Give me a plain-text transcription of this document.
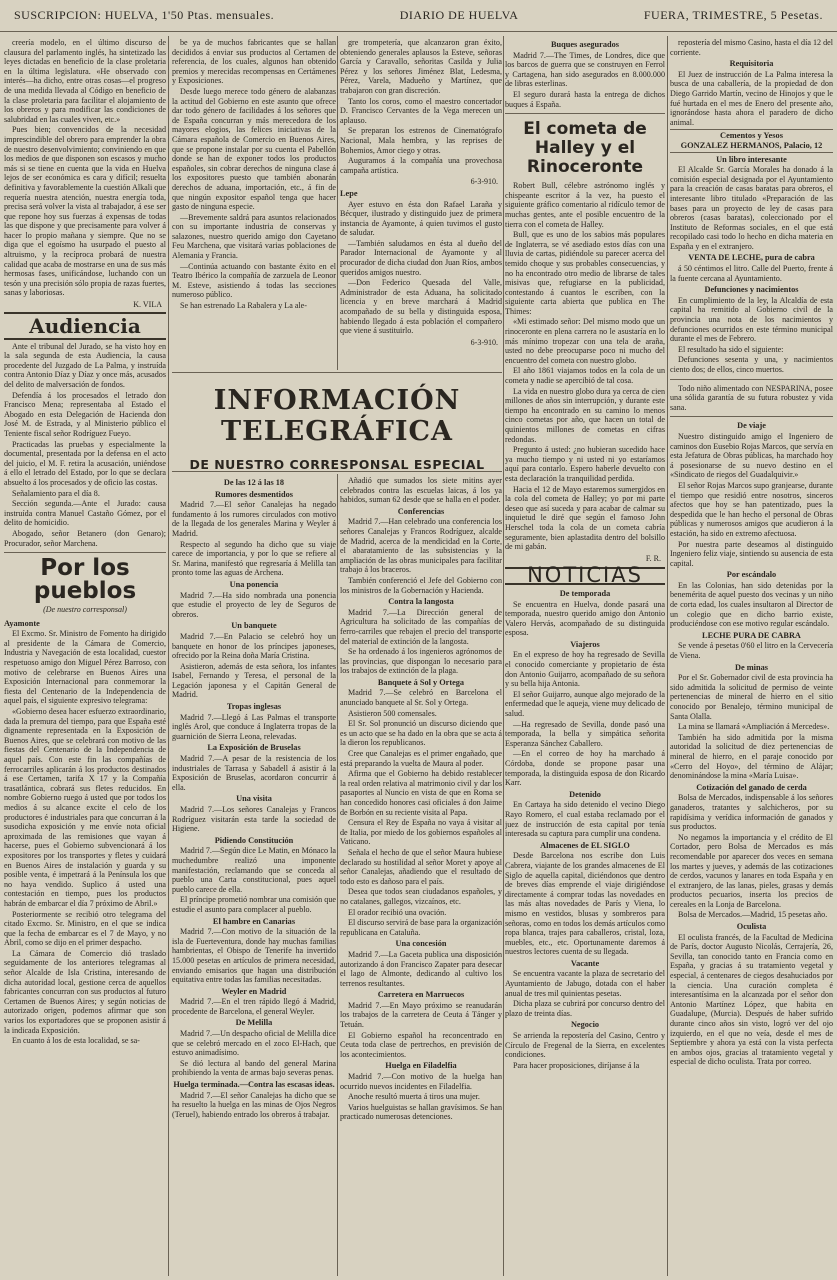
SUSCRIPCION: HUELVA, 1'50 Ptas. mensuales.	DIARIO DE HUELVA	FUERA, TRIMESTRE, 5 Pesetas.

creería modelo, en el último discurso de clausura del parlamento inglés, ha sintetizado las leyes dictadas en beneficio de la clase proletaria en la última legislatura. «He observado con interés—ha dicho, entre otras cosas—el progreso de una medida llevada al Código en beneficio de la clase proletaria para facilitar el alojamiento de los obreros y para modificar las condiciones de salubridad en las cuales viven, etc.»

Pues bien; convencidos de la necesidad imprescindible del obrero para emprender la obra de nuestro desenvolvimiento; conviniendo en que los medios de que disponen son escasos y mucho más si se tiene en cuenta que la vida en Huelva lejos de ser económica es cara y difícil; resuelta definitiva y favorablemente la cuestión Alkali que requería nuestra atención, nuestra energía toda, precisa será volver la vista al trabajador, á ese ser que repone hoy sus fuerzas á expensas de todas las que dispone y que precisamente para volver á hacer lo propio mañana y siempre. Que no se diga que el egoísmo ha usurpado el puesto al altruismo, y la recíproca probará de nuestra calidad que acaba de mostrarse en una de sus más hermosas fases, unificándose, luchando con un tesón y una precisión sólo propia de razas fuertes, sanas y laboriosas.

K. VILA
Audiencia

Ante el tribunal del Jurado, se ha visto hoy en la sala segunda de esta Audiencia, la causa procedente del Juzgado de La Palma, y instruída contra Antonio Díaz y Díaz y once más, acusados del delito de malversación de fondos.

Defendía á los procesados el letrado don Francisco Mena; representaba al Estado el Abogado en esta Delegación de Hacienda don José M. de Estrada, y al Ministerio público el Teniente fiscal señor Rodríguez Fueyo.

Practicadas las pruebas y especialmente la documental, presentada por la defensa en el acto del juicio, el M. F. retira la acusación, uniéndose á ello el letrado del Estado, por lo que se declara absuelto á los procesados y de oficio las costas.

Señalamiento para el día 8.

Sección segunda.—Ante el Jurado: causa instruída contra Manuel Castaño Gómez, por el delito de homicidio.

Abogado, señor Betanero (don Genaro); Procurador, señor Marchena.

Por los pueblos
(De nuestro corresponsal)
Ayamonte

El Excmo. Sr. Ministro de Fomento ha dirigido al presidente de la Cámara de Comercio, Industria y Navegación de esta localidad, cuestor respetuoso amigo don Miguel Pérez Barroso, con motivo de celebrarse en Buenos Aires una Exposición Internacional para conmemorar la fiesta del Centenario de la Independencia de aquel país, el siguiente expresivo telegrama:

«Gobierno desea hacer esfuerzo extraordinario, dada la premura del tiempo, para que España esté dignamente representada en la Exposición de Buenos Aires, que se celebrará con motivo de las fiestas del Centenario de la Independencia de aquel país. Con este fin las compañías de ferrocarriles aplicarán á los productos destinados á ese Certamen, tarifa X 17 y la Compañía trasatlántica, cobrará sus fletes reducidos. En nombre Gobierno ruego á usted que por todos los medios á su alcance excite el celo de los productores é industriales para que concurran á la susodicha exposición y me envíe nota oficial aproximada de las remisiones que vayan á hacerse, pues el Gobierno subvencionará á los expositores por los transportes y fletes y cuidará en Buenos Aires de instalación y guarda y su posible venta, é impetrará á la Península los que no haya vendido. Suplico á usted una contestación en tiempo, pues los productos habrán de embarcar el día 7 próximo de Abril.»

Posteriormente se recibió otro telegrama del citado Excmo. Sr. Ministro, en el que se indica que la fecha de embarcar es el 7 de Mayo, y no Abril, como se dijo en el primer despacho.

La Cámara de Comercio dió traslado seguidamente de los anteriores telegramas al señor Alcalde de Isla Cristina, interesando de dicha autoridad local, gestione cerca de aquellos fabricantes concurran con sus productos al futuro Certamen de Buenos Aires; y según noticias de autorizado origen, podemos afirmar que son varios los exportadores que se proponen asistir á la indicada Exposición.

En cuanto á los de esta localidad, se sa-

be ya de muchos fabricantes que se hallan decididos á enviar sus productos al Certamen de referencia, de los cuales, algunos han obtenido premios y merecidas recompensas en Certámenes y Exposiciones.

Desde luego merece todo género de alabanzas la actitud del Gobierno en este asunto que ofrece dar todo género de facilidades á los señores que de España concurran y más merecedora de los mayores elogios, las felices iniciativas de la Cámara española de Comercio en Buenos Aires, que se propone instalar por su cuenta el Pabellón donde se han de exponer todos los productos españoles, sin cobrar derechos de ninguna clase á los expositores puesto que también abonarán derechos de aduana, importación, etc., á fin de que ningún expositor español tenga que hacer gasto de ninguna especie.

—Brevemente saldrá para asuntos relacionados con su importante industria de conservas y salazones, nuestro querido amigo don Cayetano Feu Marchena, que visitará varias poblaciones de Alemania y Francia.

—Continúa actuando con bastante éxito en el Teatro Ibérico la compañía de zarzuela de Leonor M. Esteve, asistiendo á todas las secciones numeroso público.

Se han estrenado La Rabalera y La ale-

gre trompetería, que alcanzaron gran éxito, obteniendo generales aplausos la Esteve, señoras García y Caravallo, señoritas Casilda y Julia Pérez y los señores Jiménez Blat, Ledesma, Pérez, Varela, Madueño y Martínez, que trabajaron con gran discreción.

Tanto los coros, como el maestro concertador D. Francisco Cervantes de la Vega merecen un aplauso.

Se preparan los estrenos de Cinematógrafo Nacional, Mala hembra, y las reprises de Bohemios, Amor ciego y otras.

Auguramos á la compañía una provechosa campaña artística.

6-3-910.
Lepe

Ayer estuvo en ésta don Rafael Laraña y Bécquer, ilustrado y distinguido juez de primera instancia de Ayamonte, á quien tuvimos el gusto de saludar.

—También saludamos en ésta al dueño del Parador Internacional de Ayamonte y al procurador de dicha ciudad don Juan Ríos, ambos queridos amigos nuestro.

—Don Federico Quesada del Valle, Administrador de esta Aduana, ha solicitado licencia y en breve marchará á Madrid acompañado de su bella y distinguida esposa, habiendo llegado á esta población el compañero que viene á sustituirlo.

6-3-910.
INFORMACIÓN TELEGRÁFICA
DE NUESTRO CORRESPONSAL ESPECIAL
De las 12 á las 18
Rumores desmentidos

Madrid 7.—El señor Canalejas ha negado fundamento á los rumores circulados con motivo de la llegada de los generales Marina y Weyler á Madrid.

Respecto al segundo ha dicho que su viaje carece de importancia, y por lo que se refiere al Sr. Marina, manifestó que regresaría á Melilla tan pronto tome las aguas de Archena.

Una ponencia

Madrid 7.—Ha sido nombrada una ponencia que estudie el proyecto de ley de Seguros de obreros.

Un banquete

Madrid 7.—En Palacio se celebró hoy un banquete en honor de los príncipes japoneses, ofrecido por la Reina doña María Cristina.

Asistieron, además de esta señora, los infantes Isabel, Fernando y Teresa, el personal de la Legación japonesa y el Capitán General de Madrid.

Tropas inglesas

Madrid 7.—Llegó á Las Palmas el transporte inglés Arol, que conduce á Inglaterra tropas de la guarnición de Sierra Leona, relevadas.

La Exposición de Bruselas

Madrid 7.—A pesar de la resistencia de los industriales de Tarrasa y Sabadell á asistir á la Exposición de Bruselas, acordaron concurrir á ella.

Una visita

Madrid 7.—Los señores Canalejas y Francos Rodríguez visitarán esta tarde la sociedad de Higiene.

Pidiendo Constitución

Madrid 7.—Según dice Le Matin, en Mónaco la muchedumbre realizó una imponente manifestación, reclamando que se conceda al pueblo una Carta constitucional, pues aquel pueblo carece de ella.

El príncipe prometió nombrar una comisión que estudie el asunto para complacer al pueblo.

El hambre en Canarias

Madrid 7.—Con motivo de la situación de la isla de Fuerteventura, donde hay muchas familias hambrientas, el Obispo de Tenerife ha invertido 15.000 pesetas en artículos de primera necesidad, enviando emisarios que hagan una distribución equitativa entre todas las familias necesitadas.

Weyler en Madrid

Madrid 7.—En el tren rápido llegó á Madrid, procedente de Barcelona, el general Weyler.

De Melilla

Madrid 7.—Un despacho oficial de Melilla dice que se celebró mercado en el zoco El-Hach, que estuvo animadísimo.

Se dió lectura al bando del general Marina prohibiendo la venta de armas bajo severas penas.

Huelga terminada.—Contra las escasas ideas.

Madrid 7.—El señor Canalejas ha dicho que se ha resuelto la huelga en las minas de Ojos Negros (Teruel), habiendo entrado los obreros á trabajar.

Añadió que sumados los siete mitins ayer celebrados contra las escuelas laicas, á los ya habidos, suman 62 desde que se halla en el poder.

Conferencias

Madrid 7.—Han celebrado una conferencia los señores Canalejas y Francos Rodríguez, alcalde de Madrid, acerca de la mendicidad en la Corte, el abaratamiento de las subsistencias y la ampliación de las obras municipales para facilitar trabajo á los braceros.

También conferenció el Jefe del Gobierno con los ministros de la Gobernación y Hacienda.

Contra la langosta

Madrid 7.—La Dirección general de Agricultura ha solicitado de las compañías de ferro-carriles que rebajen el precio del transporte del material de extinción de la langosta.

Se ha ordenado á los ingenieros agrónomos de las provincias, que dispongan lo necesario para los trabajos de extinción de la plaga.

Banquete á Sol y Ortega

Madrid 7.—Se celebró en Barcelona el anunciado banquete al Sr. Sol y Ortega.

Asistieron 500 comensales.

El Sr. Sol pronunció un discurso diciendo que es un acto que se ha dado en la obra que se acta á la dieron los republicanos.

Cree que Canalejas es el primer engañado, que está preparando la vuelta de Maura al poder.

Afirma que el Gobierno ha debido restablecer la real orden relativa al matrimonio civil y dar los pasaportes al Nuncio en vista de que en Roma se han concedido honores casi oficiales á don Jaime de Borbón en su reciente visita al Papa.

Censura el Rey de España no vaya á visitar al de Italia, por miedo de los gobiernos españoles al Vaticano.

Señala el hecho de que el señor Maura hubiese declarado su hostilidad al señor Moret y apoye al señor Canalejas, añadiendo que el resultado de todo esto es dañoso para el país.

Desea que todos sean ciudadanos españoles, y no catalanes, gallegos, vizcaínos, etc.

El orador recibió una ovación.

El discurso servirá de base para la organización republicana en Cataluña.

Una concesión

Madrid 7.—La Gaceta publica una disposición autorizando á don Francisco Zapater para desecar el lago de Almonte, dedicando al cultivo los terrenos resultantes.

Carretera en Marruecos

Madrid 7.—En Mayo próximo se reanudarán los trabajos de la carretera de Ceuta á Tánger y Tetuán.

El Gobierno español ha reconcentrado en Ceuta toda clase de pertrechos, en previsión de los acontecimientos.

Huelga en Filadelfia

Madrid 7.—Con motivo de la huelga han ocurrido nuevos incidentes en Filadelfia.

Anoche resultó muerta á tiros una mujer.

Varios huelguistas se hallan gravísimos. Se han practicado numerosas detenciones.

Buques asegurados

Madrid 7.—The Times, de Londres, dice que los barcos de guerra que se construyen en Ferrol y Cartagena, han sido asegurados en 8.000.000 de libras esterlinas.

El seguro durará hasta la entrega de dichos buques á España.

El cometa de Halley y el Rinoceronte

Robert Bull, célebre astrónomo inglés y chispeante escritor á la vez, ha puesto el siguiente gráfico comentario al ridículo temor de muchas gentes, ante el posible encuentro de la tierra con el cometa de Halley.

Bull, que es uno de los sabios más populares de Inglaterra, se vé asediado estos días con una lluvia de cartas, pidiéndole su parecer acerca del temido choque y sus probables consecuencias, y no ha encontrado otro medio de librarse de tales misivas que, refugiarse en la publicidad, contestando á cuantos le escriben, con la siguiente carta abierta que publica en The Thimes:

«Mi estimado señor: Del mismo modo que un rinoceronte en plena carrera no le asustaría en lo más mínimo tropezar con una tela de araña, usted no debe preocuparse poco ni mucho del encuentro del cometa con nuestro globo.

El año 1861 viajamos todos en la cola de un cometa y nadie se apercibió de tal cosa.

La vida en nuestro globo dura ya cerca de cien millones de años sin interrupción, y durante este tiempo ha encontrado en su camino lo menos cinco cometas por año, que hacen un total de quinientos millones de cometas en cifras redondas.

Pregunto á usted: ¿no hubieran sucedido hace ya mucho tiempo y ni usted ni yo estaríamos aquí para contarlo. Espero haberle devuelto con esta declaración la tranquilidad perdida.

Hacia el 12 de Mayo estaremos sumergidos en la cola del cometa de Halley; yo por mi parte deseo que así suceda y para acabar de calmar su inquietud le diré que según el famoso John Herschel toda la cola de un cometa cabría seguramente, bien aplastadita dentro del bolsillo de mi gabán.

F. R.
NOTICIAS
De temporada

Se encuentra en Huelva, donde pasará una temporada, nuestro querido amigo don Antonio Valero Hervás, acompañado de su distinguida esposa.

Viajeros

En el expreso de hoy ha regresado de Sevilla el conocido comerciante y propietario de ésta don Antonio Guijarro, acompañado de su señora y su bella hija Antonia.

El señor Guijarro, aunque algo mejorado de la enfermedad que le aqueja, viene muy delicado de salud.

—Ha regresado de Sevilla, donde pasó una temporada, la bella y simpática señorita Esperanza Sánchez Caballero.

—En el correo de hoy ha marchado á Córdoba, donde se propone pasar una temporada, la distinguida esposa de don Ricardo Karr.

Detenido

En Cartaya ha sido detenido el vecino Diego Rayo Romero, el cual estaba reclamado por el juez de instrucción de esta capital por tenía interesada su captura para cumplir una condena.

Almacenes de EL SIGLO

Desde Barcelona nos escribe don Luis Cabrera, viajante de los grandes almacenes de El Siglo de aquella capital, diciéndonos que dentro de breves días emprende el viaje dirigiéndose directamente á comprar todas las novedades en las más altas novedades de París y Viena, lo mismo en vestidos, blusas y sombreros para señoras, como en todos los demás artículos como ropa blanca, trajes para caballeros, cristal, loza, muebles, etc., etc. Oportunamente daremos á nuestros lectores cuenta de su llegada.

Vacante

Se encuentra vacante la plaza de secretario del Ayuntamiento de Jabugo, dotada con el haber anual de tres mil quinientas pesetas.

Dicha plaza se cubrirá por concurso dentro del plazo de treinta días.

Negocio

Se arrienda la repostería del Casino, Centro y Círculo de Fregenal de la Sierra, en excelentes condiciones.

Para hacer proposiciones, diríjanse á la

repostería del mismo Casino, hasta el día 12 del corriente.

Requisitoria

El Juez de instrucción de La Palma interesa la busca de una caballería, de la propiedad de don Diego Garrido Martín, vecino de Hinojos y que le fué hurtada en el mes de Enero del presente año, ignorándose hasta ahora el paradero de dicho animal.

Cementos y Yesos
GONZALEZ HERMANOS, Palacio, 12
Un libro interesante

El Alcalde Sr. García Morales ha donado á la comisión especial designada por el Ayuntamiento para la creación de casas baratas para obreros, el interesante libro titulado «Preparación de las bases para un proyecto de ley de casas para obreros (casas baratas), coleccionado por el Instituto de Reformas sociales, en el que está recopilado casi todo lo hecho en dicha materia en España y en el extranjero.

VENTA DE LECHE, pura de cabra

á 50 céntimos el litro. Calle del Puerto, frente á la fuente cercana al Ayuntamiento.

Defunciones y nacimientos

En cumplimiento de la ley, la Alcaldía de esta capital ha remitido al Gobierno civil de la provincia una nota de los nacimientos y defunciones ocurridos en este término municipal durante el mes de Febrero.

El resultado ha sido el siguiente:

Defunciones sesenta y una, y nacimientos ciento dos; de ellos, cinco muertos.

Todo niño alimentado con NESPARINA, posee una sólida garantía de su futura robustez y vida sana.

De viaje

Nuestro distinguido amigo el Ingeniero de caminos don Eusebio Rojas Marcos, que servía en esta Jefatura de Obras públicas, ha marchado hoy á posesionarse de su nuevo destino en el «Sindicato de riegos del Guadalquivir.»

El señor Rojas Marcos supo granjearse, durante el tiempo que residió entre nosotros, sinceros afectos que hoy se han patentizado, pues la despedida que le han hecho el personal de Obras públicas y numerosos amigos que acudieron á la estación, ha sido en extremo afectuosa.

Por nuestra parte deseamos al distinguido Ingeniero feliz viaje, sintiendo su ausencia de esta capital.

Por escándalo

En las Colonias, han sido detenidas por la benemérita de aquel puesto dos vecinas y un niño de corta edad, los cuales insultaron al Director de un colegio que en dicho barrio existe, produciéndose con ese motivo regular escándalo.

LECHE PURA DE CABRA

Se vende á pesetas 0'60 el litro en la Cervecería de Viena.

De minas

Por el Sr. Gobernador civil de esta provincia ha sido admitida la solicitud de permiso de veinte pertenencias de mineral de hierro en el sitio conocido por Benalejo, término municipal de Santa Olalla.

La mina se llamará «Ampliación á Mercedes».

También ha sido admitida por la misma autoridad la solicitud de diez pertenencias de mineral de hierro, en el paraje conocido por «Cerro del Hoyo», del término de Alájar; denominándose la mina «María Luisa».

Cotización del ganado de cerda

Bolsa de Mercados, indispensable á los señores ganaderos, tratantes y salchicheros, por su rapidísima y verídica información de ganados y sus productos.

No negamos la importancia y el crédito de El Cortador, pero Bolsa de Mercados es más recomendable por aparecer dos veces en semana los martes y jueves, y además de las cotizaciones de cerdos, vacunos y lanares en toda España y en el extranjero, de las lanas, pieles, grasas y demás productos pecuarios, inserta los precios de cereales en la Lonja de Barcelona.

Bolsa de Mercados.—Madrid, 15 pesetas año.

Oculista

El oculista francés, de la Facultad de Medicina de París, doctor Augusto Nicolás, Cerrajería, 26, Sevilla, tan conocido tanto en Francia como en España, y gracias á su tratamiento vegetal y especial, á centenares de ciegos desahuciados por la ciencia. Una curación completa é interesantísima en la alcanzada por el señor don Antonio Martínez López, que habita en Guadalupe, (Murcia). Después de haber sufrido durante cinco años sin visto, logró ver del ojo izquierdo, en el que no veía, desde el mes de Septiembre y ahora ya está con la vista perfecta en ambos ojos, gracias al tratamiento vegetal y especial de dicho oculista. Trata por correo.
